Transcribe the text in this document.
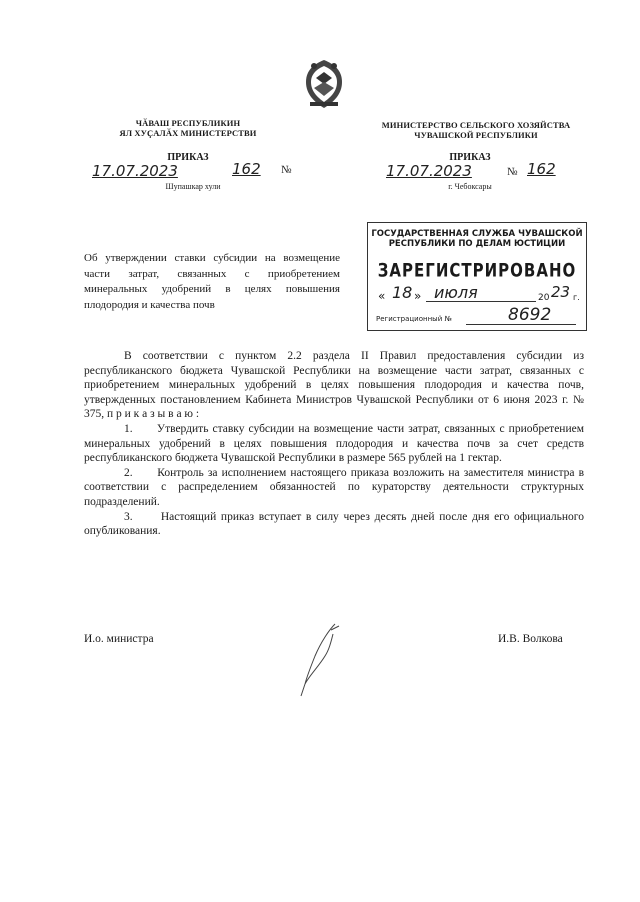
ЧӐВАШ РЕСПУБЛИКИН
ЯЛ ХУҪАЛӐХ МИНИСТЕРСТВИ
ПРИКАЗ
17.07.2023	162 №
Шупашкар хули
МИНИСТЕРСТВО СЕЛЬСКОГО ХОЗЯЙСТВА
ЧУВАШСКОЙ РЕСПУБЛИКИ
ПРИКАЗ
17.07.2023	№ 162
г. Чебоксары
Об утверждении ставки субсидии на возмещение части затрат, связанных с приобретением минеральных удобрений в целях повышения плодородия и качества почв
ГОСУДАРСТВЕННАЯ СЛУЖБА ЧУВАШСКОЙ
РЕСПУБЛИКИ ПО ДЕЛАМ ЮСТИЦИИ
ЗАРЕГИСТРИРОВАНО
« 18 » июля	20 23 г.
Регистрационный №	8692

В соответствии с пунктом 2.2 раздела II Правил предоставления субсидии из республиканского бюджета Чувашской Республики на возмещение части затрат, связанных с приобретением минеральных удобрений в целях повышения плодородия и качества почв, утвержденных постановлением Кабинета Министров Чувашской Республики от 6 июня 2023 г. № 375, п р и к а з ы в а ю :

1.      Утвердить ставку субсидии на возмещение части затрат, связанных с приобретением минеральных удобрений в целях повышения плодородия и качества почв за счет средств республиканского бюджета Чувашской Республики в размере 565 рублей на 1 гектар.

2.      Контроль за исполнением настоящего приказа возложить на заместителя министра в соответствии с распределением обязанностей по кураторству деятельности структурных подразделений.

3.      Настоящий приказ вступает в силу через десять дней после дня его официального опубликования.

И.о. министра	И.В. Волкова
